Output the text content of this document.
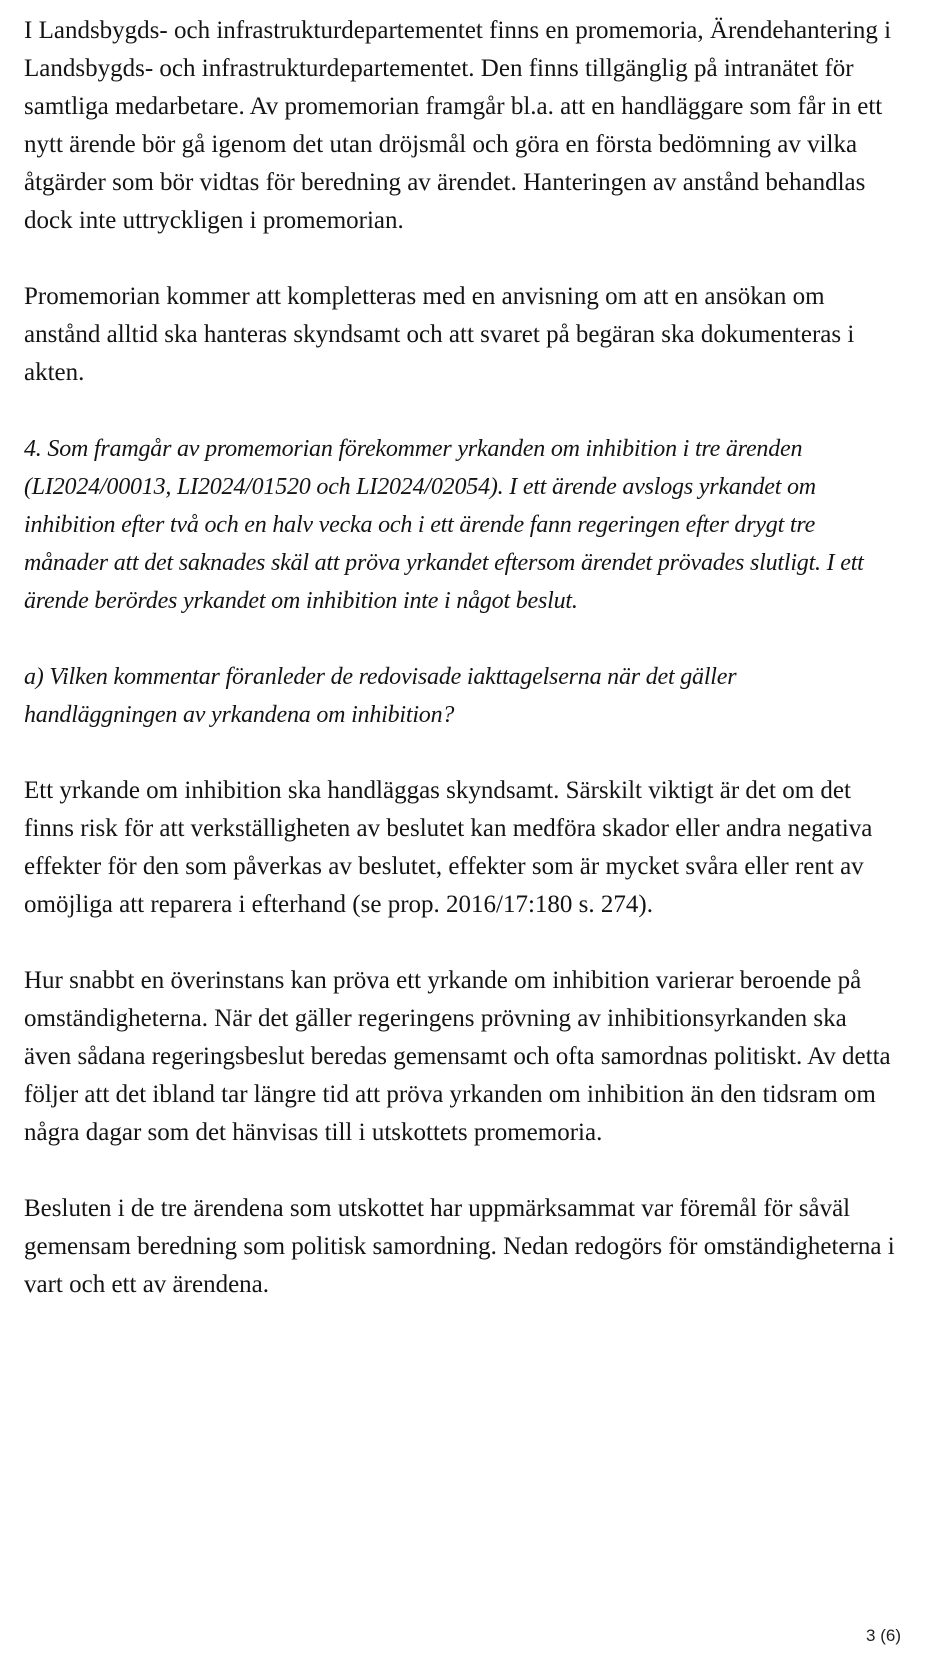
I Landsbygds- och infrastrukturdepartementet finns en promemoria, Ärendehantering i Landsbygds- och infrastrukturdepartementet. Den finns tillgänglig på intranätet för samtliga medarbetare. Av promemorian framgår bl.a. att en handläggare som får in ett nytt ärende bör gå igenom det utan dröjsmål och göra en första bedömning av vilka åtgärder som bör vidtas för beredning av ärendet. Hanteringen av anstånd behandlas dock inte uttryckligen i promemorian.

Promemorian kommer att kompletteras med en anvisning om att en ansökan om anstånd alltid ska hanteras skyndsamt och att svaret på begäran ska dokumenteras i akten.

4. Som framgår av promemorian förekommer yrkanden om inhibition i tre ärenden (LI2024/00013, LI2024/01520 och LI2024/02054). I ett ärende avslogs yrkandet om inhibition efter två och en halv vecka och i ett ärende fann regeringen efter drygt tre månader att det saknades skäl att pröva yrkandet eftersom ärendet prövades slutligt. I ett ärende berördes yrkandet om inhibition inte i något beslut.

a) Vilken kommentar föranleder de redovisade iakttagelserna när det gäller handläggningen av yrkandena om inhibition?

Ett yrkande om inhibition ska handläggas skyndsamt. Särskilt viktigt är det om det finns risk för att verkställigheten av beslutet kan medföra skador eller andra negativa effekter för den som påverkas av beslutet, effekter som är mycket svåra eller rent av omöjliga att reparera i efterhand (se prop. 2016/17:180 s. 274).

Hur snabbt en överinstans kan pröva ett yrkande om inhibition varierar beroende på omständigheterna. När det gäller regeringens prövning av inhibitionsyrkanden ska även sådana regeringsbeslut beredas gemensamt och ofta samordnas politiskt. Av detta följer att det ibland tar längre tid att pröva yrkanden om inhibition än den tidsram om några dagar som det hänvisas till i utskottets promemoria.

Besluten i de tre ärendena som utskottet har uppmärksammat var föremål för såväl gemensam beredning som politisk samordning. Nedan redogörs för omständigheterna i vart och ett av ärendena.

3 (6)
